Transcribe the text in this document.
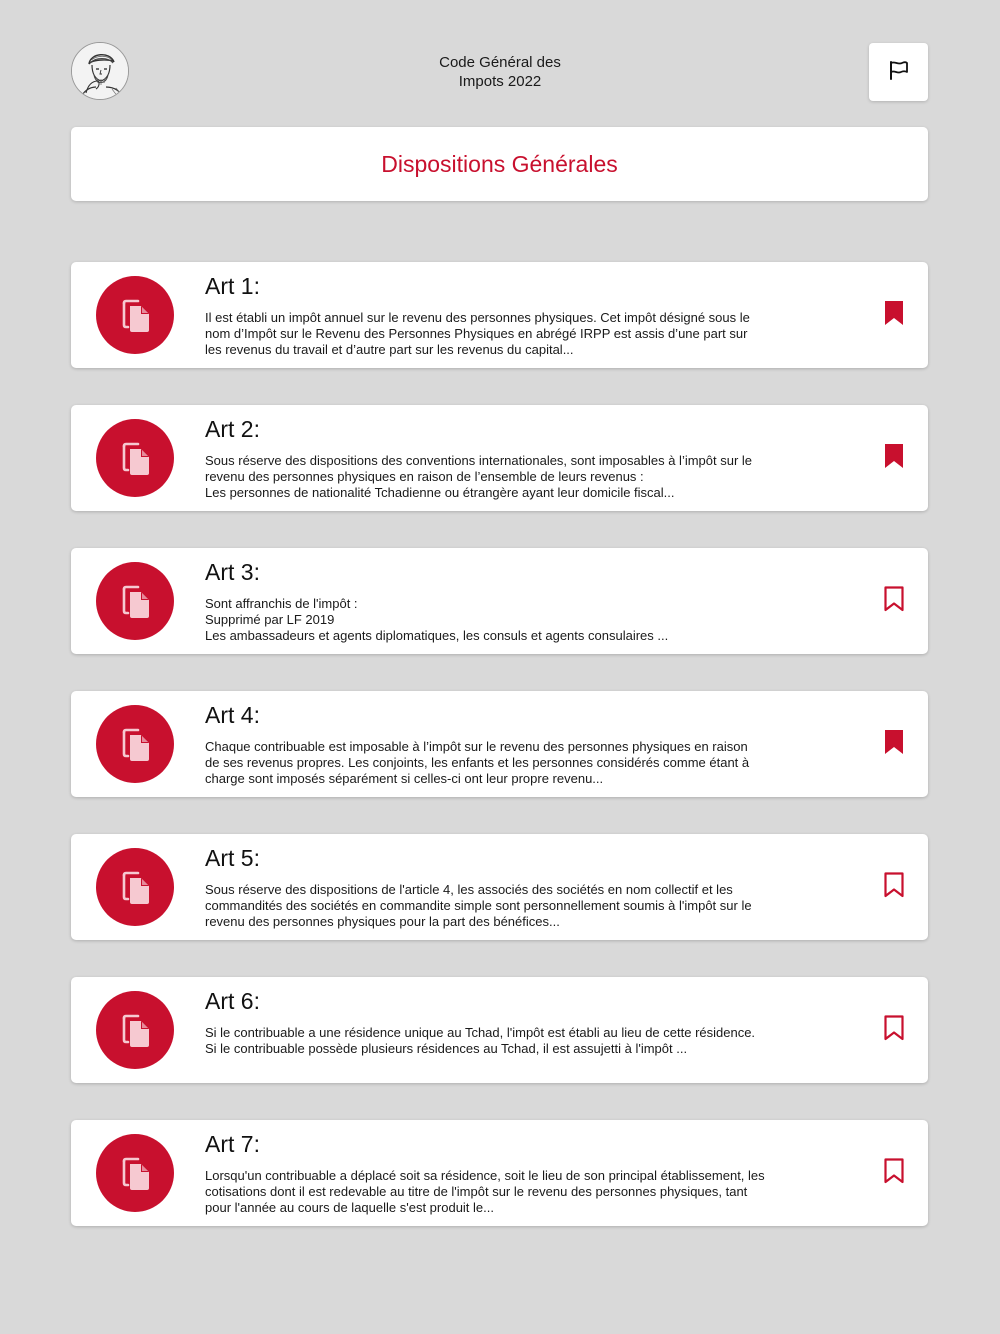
Code Général des
Impots 2022
Dispositions Générales
Art 1:
Il est établi un impôt annuel sur le revenu des personnes physiques. Cet impôt désigné sous le nom d’Impôt sur le Revenu des Personnes Physiques en abrégé IRPP est assis d’une part sur les revenus du travail et d’autre part sur les revenus du capital...
Art 2:
Sous réserve des dispositions des conventions internationales, sont imposables à l’impôt sur le revenu des personnes physiques en raison de l’ensemble de leurs revenus :
Les personnes de nationalité Tchadienne ou étrangère ayant leur domicile fiscal...
Art 3:
Sont affranchis de l'impôt :
Supprimé par LF 2019
Les ambassadeurs et agents diplomatiques, les consuls et agents consulaires ...
Art 4:
Chaque contribuable est imposable à l’impôt sur le revenu des personnes physiques en raison de ses revenus propres. Les conjoints, les enfants et les personnes considérés comme étant à charge sont imposés séparément si celles-ci ont leur propre revenu...
Art 5:
Sous réserve des dispositions de l'article 4, les associés des sociétés en nom collectif et les commandités des sociétés en commandite simple sont personnellement soumis à l'impôt sur le revenu des personnes physiques pour la part des bénéfices...
Art 6:
Si le contribuable a une résidence unique au Tchad, l'impôt est établi au lieu de cette résidence.
Si le contribuable possède plusieurs résidences au Tchad, il est assujetti à l'impôt ...
Art 7:
Lorsqu'un contribuable a déplacé soit sa résidence, soit le lieu de son principal établissement, les cotisations dont il est redevable au titre de l'impôt sur le revenu des personnes physiques, tant pour l'année au cours de laquelle s'est produit le...
